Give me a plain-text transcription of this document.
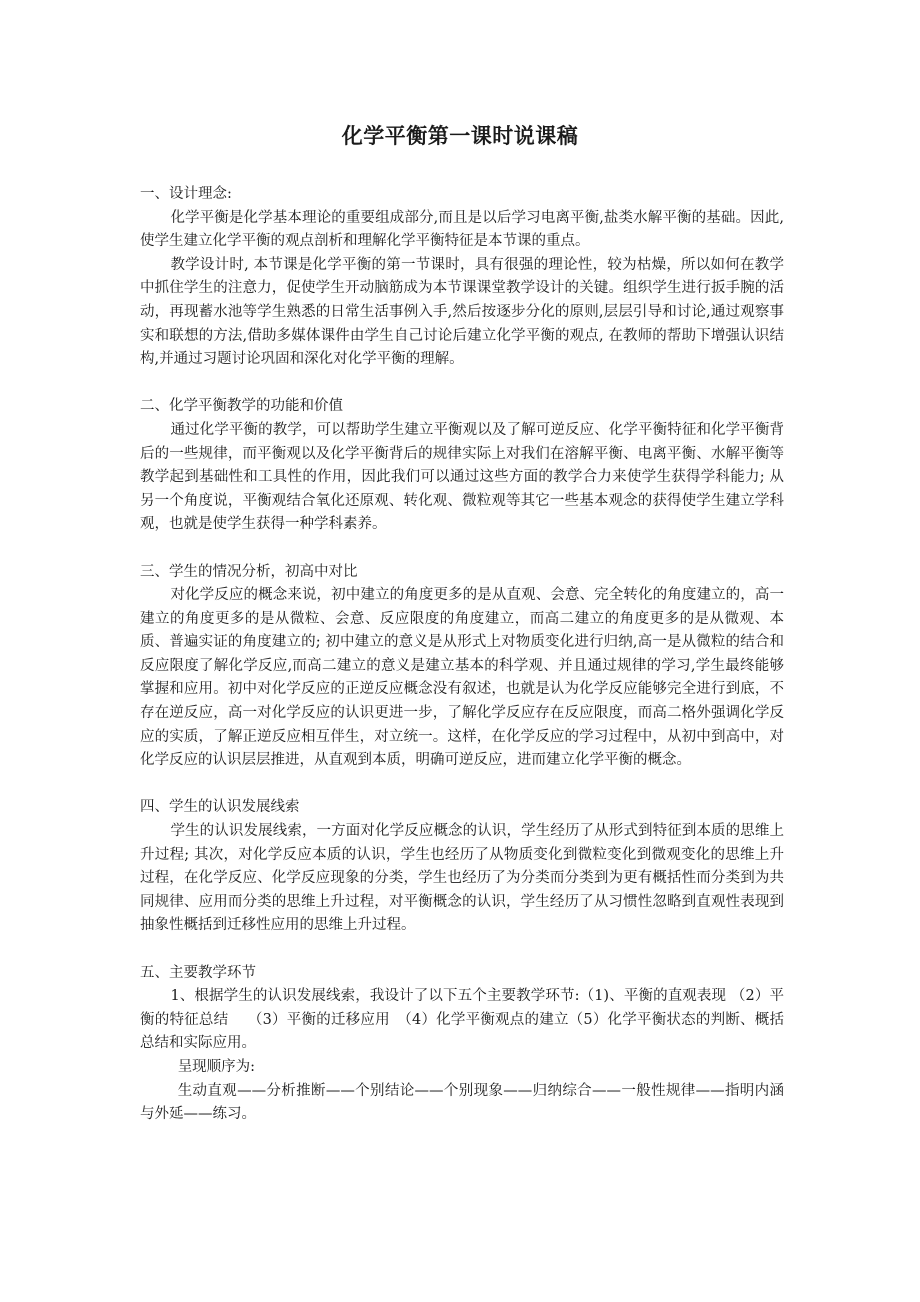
化学平衡第一课时说课稿
一、设计理念:

化学平衡是化学基本理论的重要组成部分,而且是以后学习电离平衡,盐类水解平衡的基础。因此,使学生建立化学平衡的观点剖析和理解化学平衡特征是本节课的重点。

教学设计时, 本节课是化学平衡的第一节课时，具有很强的理论性，较为枯燥，所以如何在教学中抓住学生的注意力，促使学生开动脑筋成为本节课课堂教学设计的关键。组织学生进行扳手腕的活动，再现蓄水池等学生熟悉的日常生活事例入手,然后按逐步分化的原则,层层引导和讨论,通过观察事实和联想的方法,借助多媒体课件由学生自己讨论后建立化学平衡的观点, 在教师的帮助下增强认识结构,并通过习题讨论巩固和深化对化学平衡的理解。

二、化学平衡教学的功能和价值

通过化学平衡的教学，可以帮助学生建立平衡观以及了解可逆反应、化学平衡特征和化学平衡背后的一些规律，而平衡观以及化学平衡背后的规律实际上对我们在溶解平衡、电离平衡、水解平衡等教学起到基础性和工具性的作用，因此我们可以通过这些方面的教学合力来使学生获得学科能力; 从另一个角度说，平衡观结合氧化还原观、转化观、微粒观等其它一些基本观念的获得使学生建立学科观，也就是使学生获得一种学科素养。

三、学生的情况分析，初高中对比

对化学反应的概念来说，初中建立的角度更多的是从直观、会意、完全转化的角度建立的，高一建立的角度更多的是从微粒、会意、反应限度的角度建立，而高二建立的角度更多的是从微观、本质、普遍实证的角度建立的; 初中建立的意义是从形式上对物质变化进行归纳,高一是从微粒的结合和反应限度了解化学反应,而高二建立的意义是建立基本的科学观、并且通过规律的学习,学生最终能够掌握和应用。初中对化学反应的正逆反应概念没有叙述，也就是认为化学反应能够完全进行到底，不存在逆反应，高一对化学反应的认识更进一步，了解化学反应存在反应限度，而高二格外强调化学反应的实质，了解正逆反应相互伴生，对立统一。这样，在化学反应的学习过程中，从初中到高中，对化学反应的认识层层推进，从直观到本质，明确可逆反应，进而建立化学平衡的概念。

四、学生的认识发展线索

学生的认识发展线索，一方面对化学反应概念的认识，学生经历了从形式到特征到本质的思维上升过程; 其次，对化学反应本质的认识，学生也经历了从物质变化到微粒变化到微观变化的思维上升过程，在化学反应、化学反应现象的分类，学生也经历了为分类而分类到为更有概括性而分类到为共同规律、应用而分类的思维上升过程，对平衡概念的认识，学生经历了从习惯性忽略到直观性表现到抽象性概括到迁移性应用的思维上升过程。

五、主要教学环节

1、根据学生的认识发展线索，我设计了以下五个主要教学环节:（1)、平衡的直观表现 （2）平衡的特征总结　 （3）平衡的迁移应用　（4）化学平衡观点的建立（5）化学平衡状态的判断、概括总结和实际应用。

呈现顺序为:

生动直观——分析推断——个别结论——个别现象——归纳综合——一般性规律——指明内涵与外延——练习。
